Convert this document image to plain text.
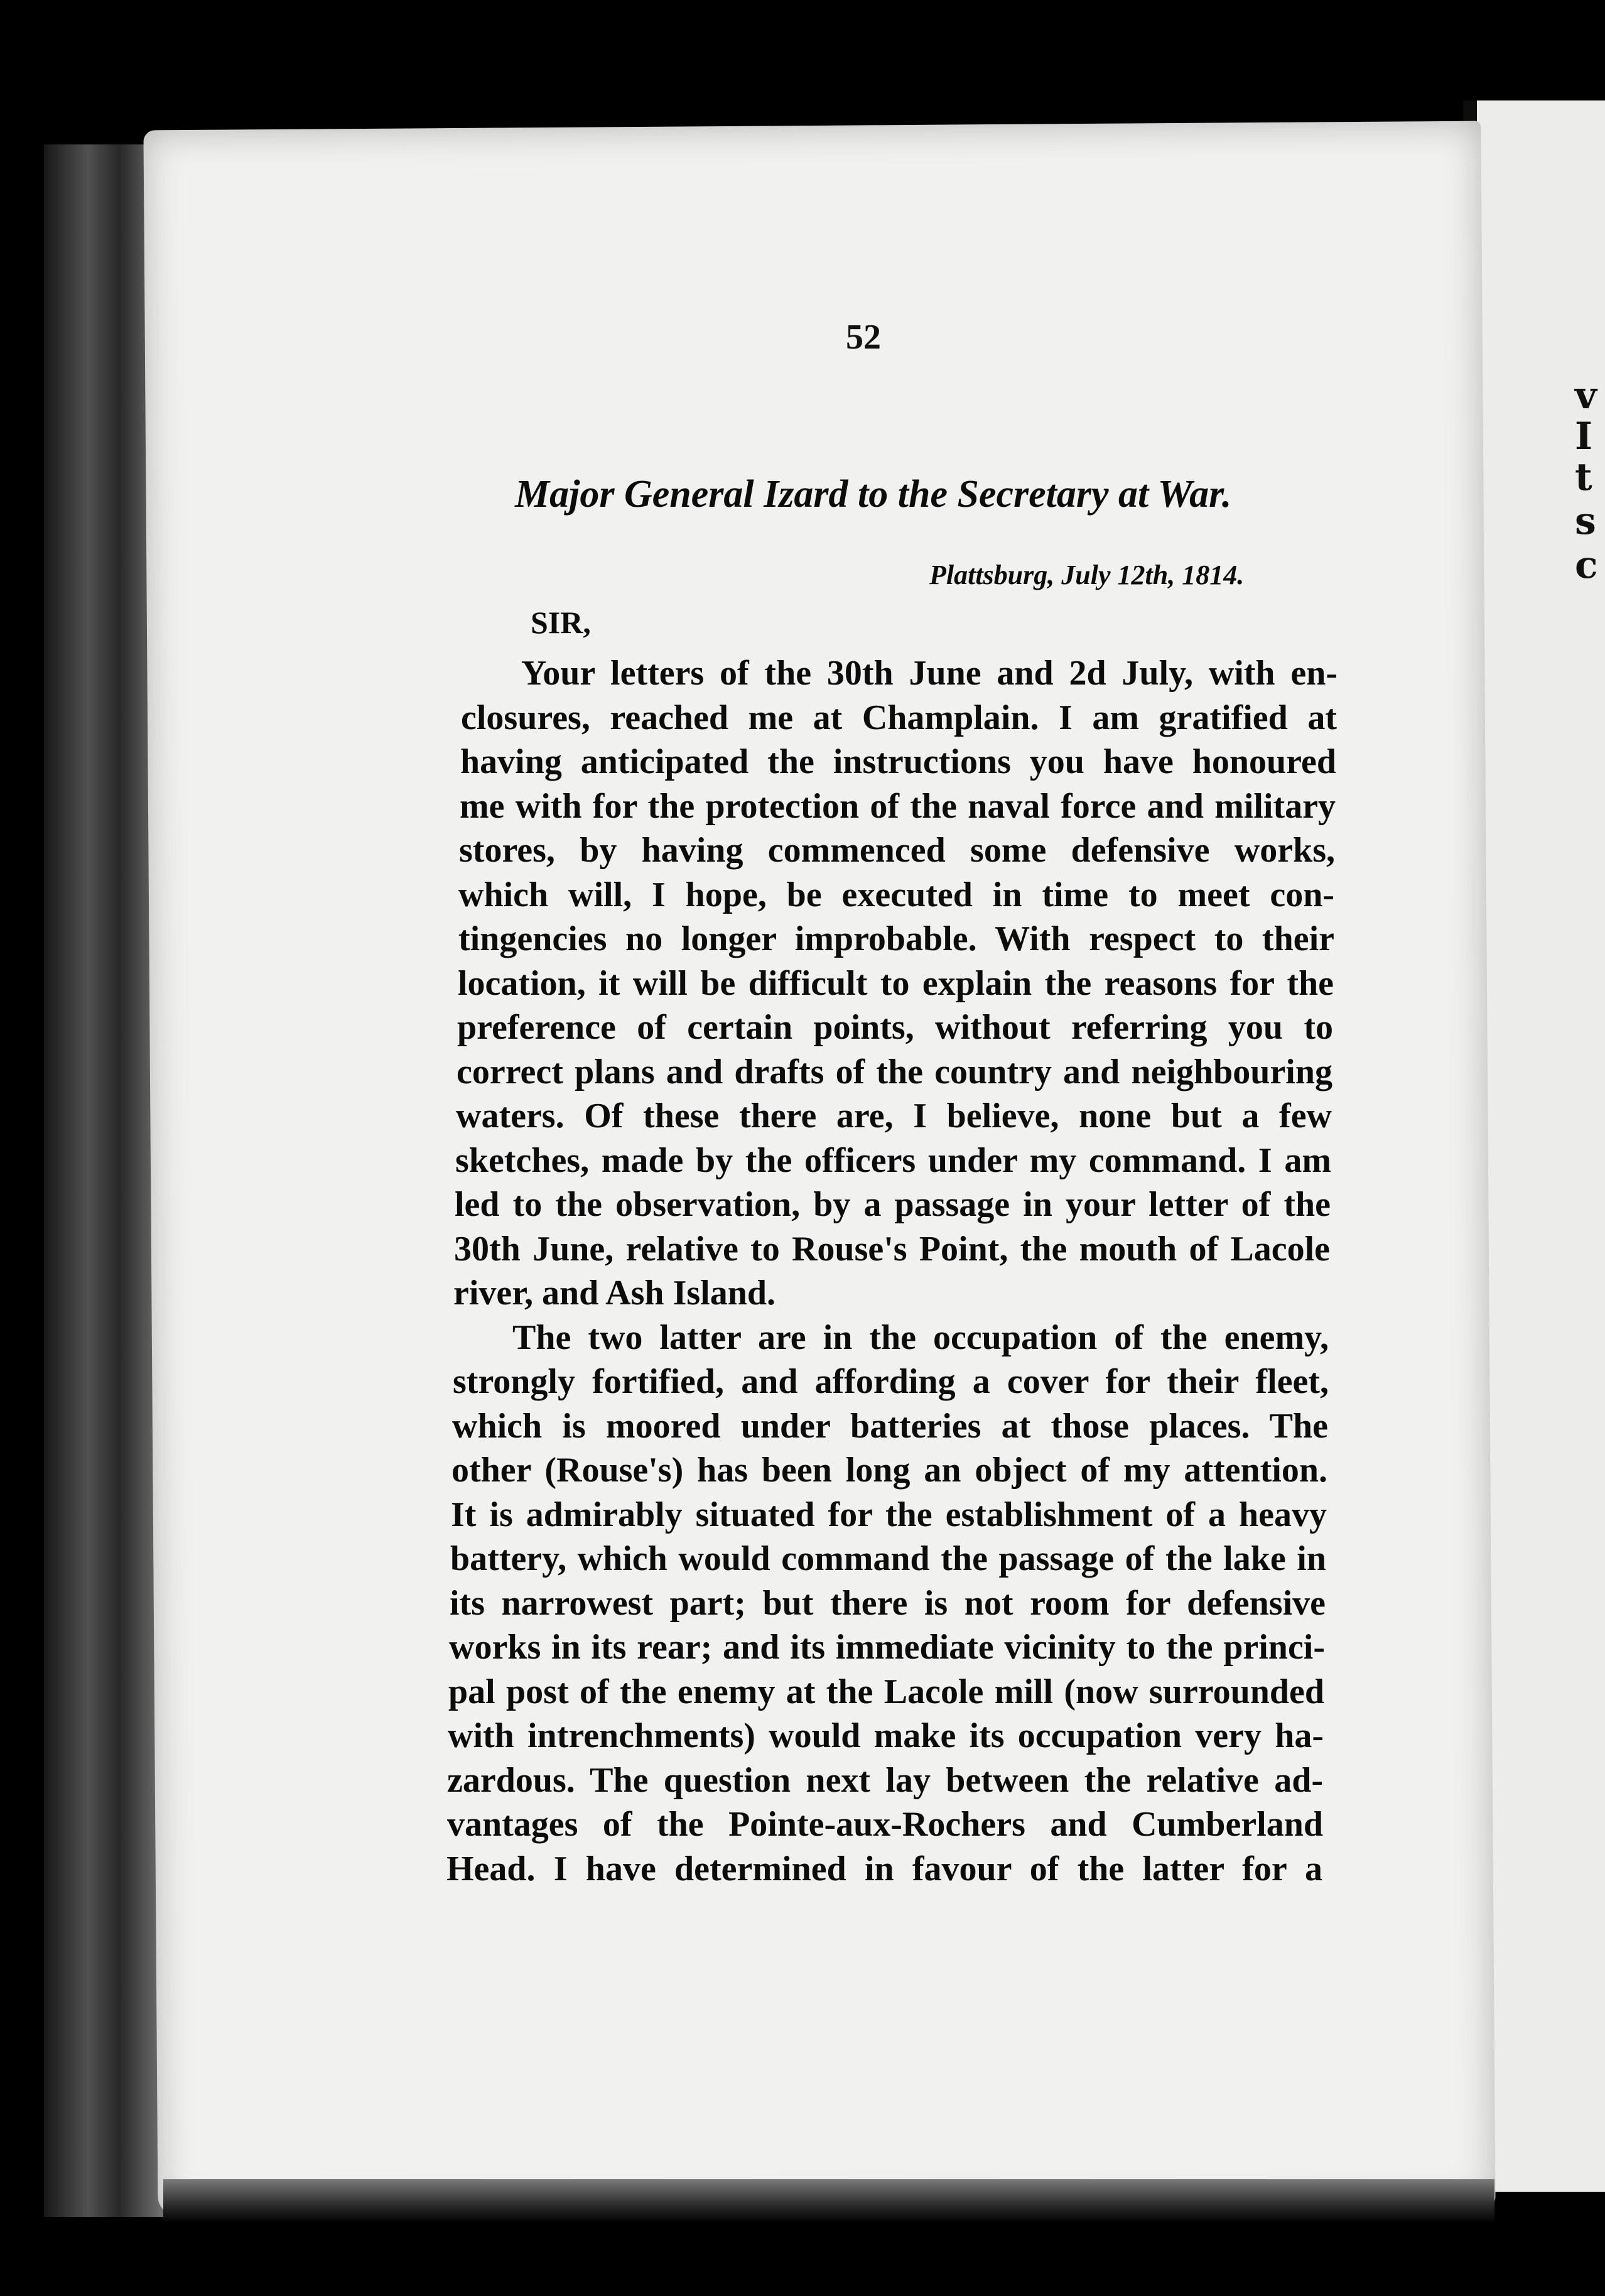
52
Major General Izard to the Secretary at War.
Plattsburg, July 12th, 1814.
SIR,
Your letters of the 30th June and 2d July, with en-
closures, reached me at Champlain. I am gratified at
having anticipated the instructions you have honoured
me with for the protection of the naval force and military
stores, by having commenced some defensive works,
which will, I hope, be executed in time to meet con-
tingencies no longer improbable. With respect to their
location, it will be difficult to explain the reasons for the
preference of certain points, without referring you to
correct plans and drafts of the country and neighbouring
waters. Of these there are, I believe, none but a few
sketches, made by the officers under my command. I am
led to the observation, by a passage in your letter of the
30th June, relative to Rouse's Point, the mouth of Lacole
river, and Ash Island.
The two latter are in the occupation of the enemy,
strongly fortified, and affording a cover for their fleet,
which is moored under batteries at those places. The
other (Rouse's) has been long an object of my attention.
It is admirably situated for the establishment of a heavy
battery, which would command the passage of the lake in
its narrowest part; but there is not room for defensive
works in its rear; and its immediate vicinity to the princi-
pal post of the enemy at the Lacole mill (now surrounded
with intrenchments) would make its occupation very ha-
zardous. The question next lay between the relative ad-
vantages of the Pointe-aux-Rochers and Cumberland
Head. I have determined in favour of the latter for a
v
I
t
s
c
